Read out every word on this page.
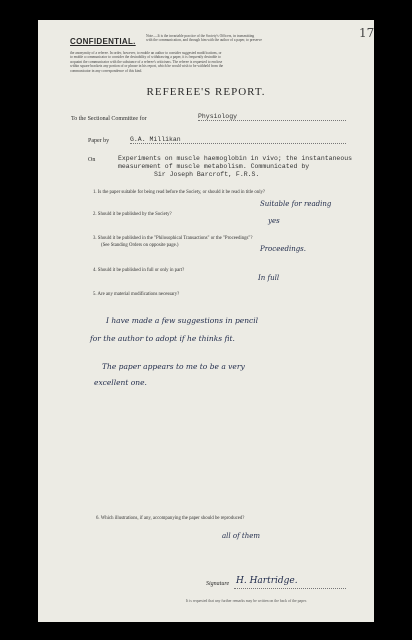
17
CONFIDENTIAL.
Note.—It is the invariable practice of the Society's Officers, in transmitting
with the communication, and through him with the author of a paper, to preserve
the anonymity of a referee. In order, however, to enable an author to consider suggested modifications, or
to enable a communicator to consider the desirability of withdrawing a paper, it is frequently desirable to
acquaint the communicator with the substance of a referee's criticisms. The referee is requested to enclose
within square brackets any portion of or phrase in his report, which he would wish to be withheld from the
communicator in any correspondence of this kind.
REFEREE'S REPORT.
To the Sectional Committee for	Physiology
Paper by	G.A. Millikan
On	Experiments on muscle haemoglobin in vivo; the instantaneous
measurement of muscle metabolism. Communicated by
Sir Joseph Barcroft, F.R.S.
1. Is the paper suitable for being read before the Society, or should it be read in title only?
Suitable for reading
2. Should it be published by the Society?
yes
3. Should it be published in the "Philosophical Transactions" or the "Proceedings"?
(See Standing Orders on opposite page.)	Proceedings.
4. Should it be published in full or only in part?
In full
5. Are any material modifications necessary?
I have made a few suggestions in pencil
for the author to adopt if he thinks fit.
The paper appears to me to be a very
excellent one.
6. Which illustrations, if any, accompanying the paper should be reproduced?
all of them
Signature H. Hartridge.
It is requested that any further remarks may be written on the back of the paper.
